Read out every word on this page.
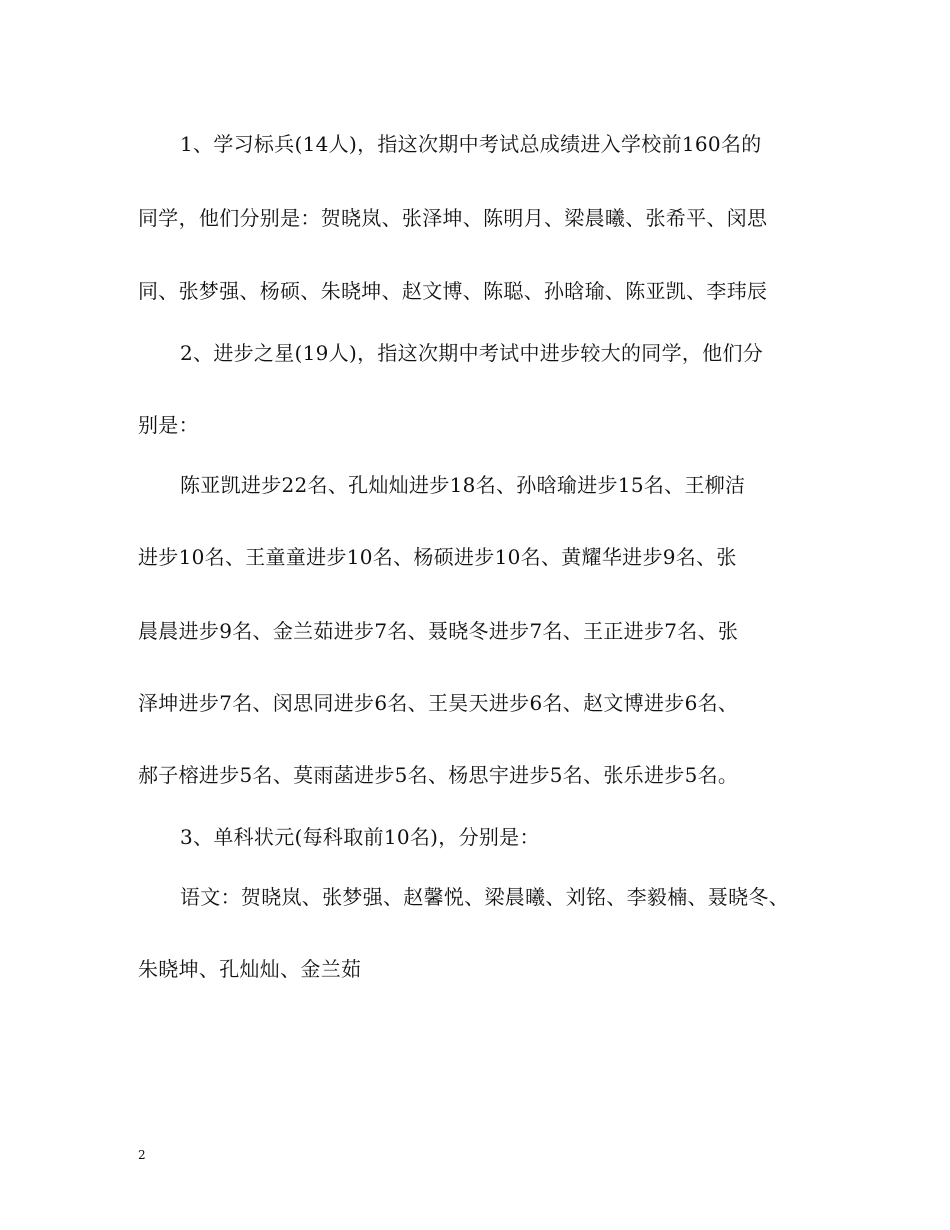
1、学习标兵(14人)，指这次期中考试总成绩进入学校前160名的
同学，他们分别是：贺晓岚、张泽坤、陈明月、梁晨曦、张希平、闵思
同、张梦强、杨硕、朱晓坤、赵文博、陈聪、孙晗瑜、陈亚凯、李玮辰
2、进步之星(19人)，指这次期中考试中进步较大的同学，他们分
别是：
陈亚凯进步22名、孔灿灿进步18名、孙晗瑜进步15名、王柳洁
进步10名、王童童进步10名、杨硕进步10名、黄耀华进步9名、张
晨晨进步9名、金兰茹进步7名、聂晓冬进步7名、王正进步7名、张
泽坤进步7名、闵思同进步6名、王昊天进步6名、赵文博进步6名、
郝子榕进步5名、莫雨菡进步5名、杨思宇进步5名、张乐进步5名。
3、单科状元(每科取前10名)，分别是：
语文：贺晓岚、张梦强、赵馨悦、梁晨曦、刘铭、李毅楠、聂晓冬、
朱晓坤、孔灿灿、金兰茹
2
